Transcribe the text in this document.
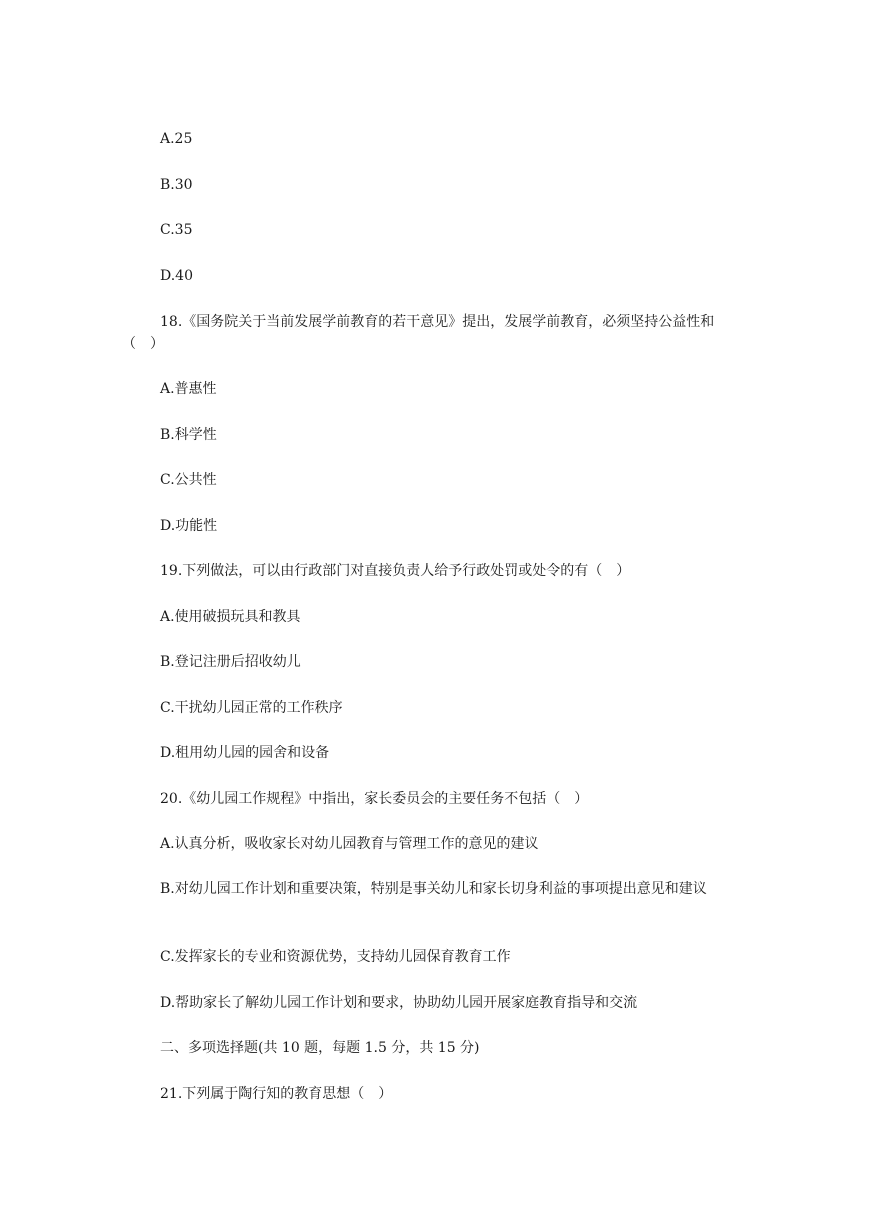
A.25
B.30
C.35
D.40
18.《国务院关于当前发展学前教育的若干意见》提出，发展学前教育，必须坚持公益性和（　）
A.普惠性
B.科学性
C.公共性
D.功能性
19.下列做法，可以由行政部门对直接负责人给予行政处罚或处令的有（　）
A.使用破损玩具和教具
B.登记注册后招收幼儿
C.干扰幼儿园正常的工作秩序
D.租用幼儿园的园舍和设备
20.《幼儿园工作规程》中指出，家长委员会的主要任务不包括（　）
A.认真分析，吸收家长对幼儿园教育与管理工作的意见的建议
B.对幼儿园工作计划和重要决策，特别是事关幼儿和家长切身利益的事项提出意见和建议
C.发挥家长的专业和资源优势，支持幼儿园保育教育工作
D.帮助家长了解幼儿园工作计划和要求，协助幼儿园开展家庭教育指导和交流
二、多项选择题(共 10 题，每题 1.5 分，共 15 分)
21.下列属于陶行知的教育思想（　）
